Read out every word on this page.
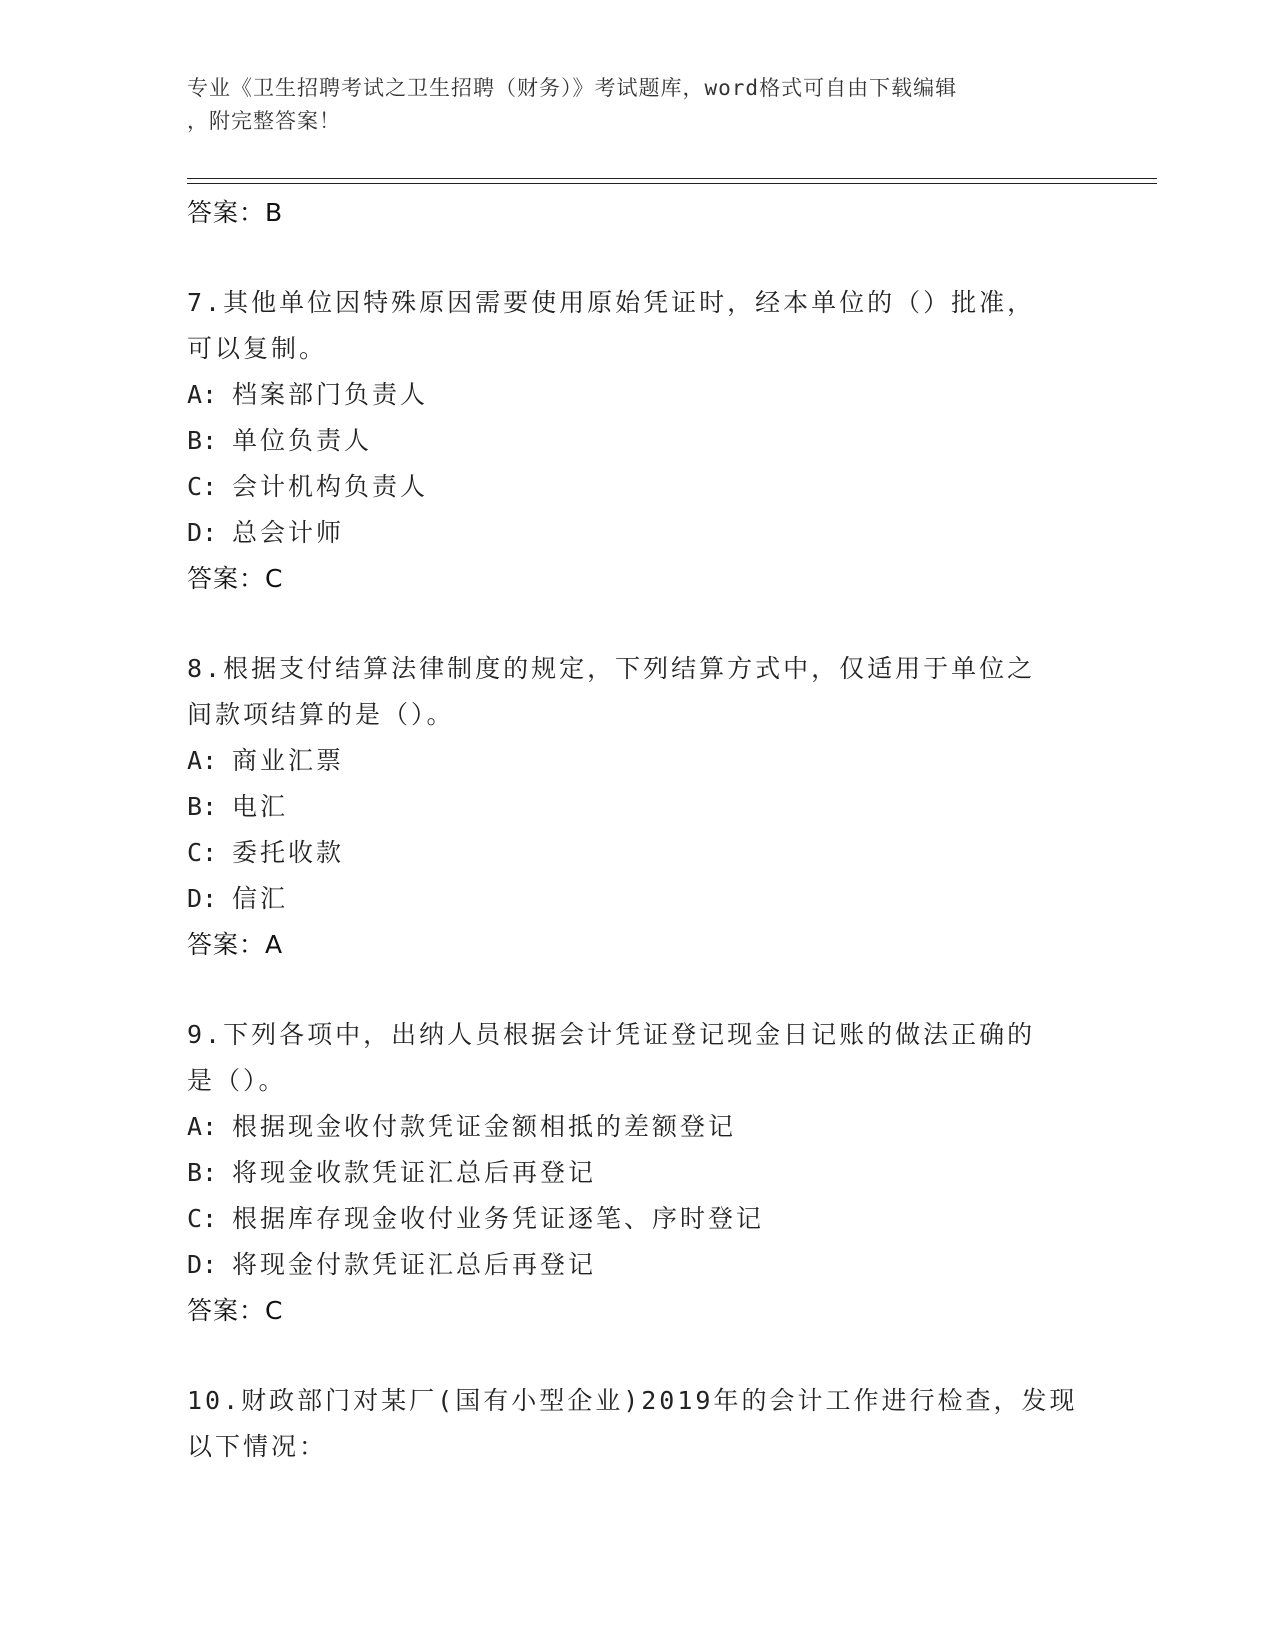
专业《卫生招聘考试之卫生招聘（财务）》考试题库，word格式可自由下载编辑
，附完整答案！
答案：B
7.其他单位因特殊原因需要使用原始凭证时，经本单位的（）批准，
可以复制。
A: 档案部门负责人
B: 单位负责人
C: 会计机构负责人
D: 总会计师
答案：C
8.根据支付结算法律制度的规定，下列结算方式中，仅适用于单位之
间款项结算的是（）。
A: 商业汇票
B: 电汇
C: 委托收款
D: 信汇
答案：A
9.下列各项中，出纳人员根据会计凭证登记现金日记账的做法正确的
是（）。
A: 根据现金收付款凭证金额相抵的差额登记
B: 将现金收款凭证汇总后再登记
C: 根据库存现金收付业务凭证逐笔、序时登记
D: 将现金付款凭证汇总后再登记
答案：C
10.财政部门对某厂(国有小型企业)2019年的会计工作进行检查，发现
以下情况：
